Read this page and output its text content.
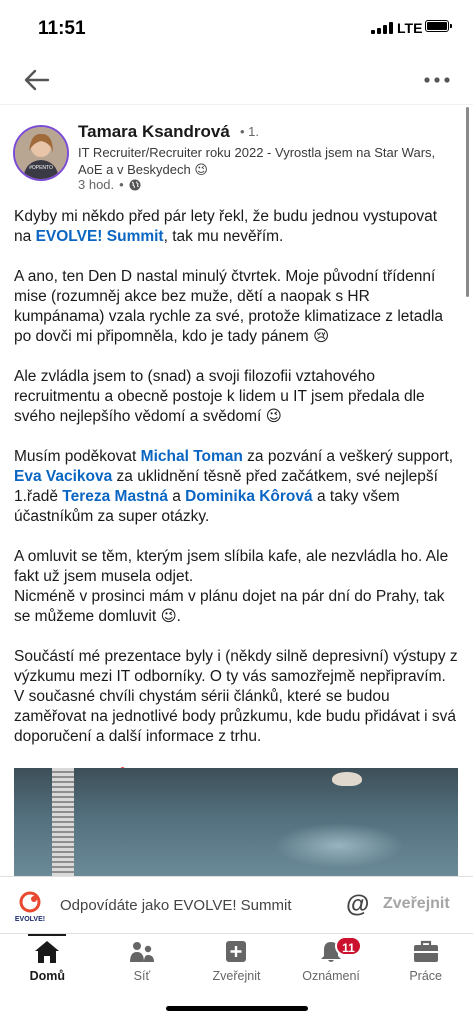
11:51	LTE
#OPENTO
Tamara Ksandrová • 1.
IT Recruiter/Recruiter roku 2022 - Vyrostla jsem na Star Wars, AoE a v Beskydech 😉
3 hod. •

Kdyby mi někdo před pár lety řekl, že budu jednou vystupovat na EVOLVE! Summit, tak mu nevěřím.

A ano, ten Den D nastal minulý čtvrtek. Moje původní třídenní mise (rozumněj akce bez muže, dětí a naopak s HR kumpánama) vzala rychle za své, protože klimatizace z letadla po dovči mi připomněla, kdo je tady pánem 😢

Ale zvládla jsem to (snad) a svoji filozofii vztahového recruitmentu a obecně postoje k lidem u IT jsem předala dle svého nejlepšího vědomí a svědomí 😉

Musím poděkovat Michal Toman za pozvání a veškerý support, Eva Vacikova za uklidnění těsně před začátkem, své nejlepší 1.řadě Tereza Mastná a Dominika Kôrová a taky všem účastníkům za super otázky.

A omluvit se těm, kterým jsem slíbila kafe, ale nezvládla ho. Ale fakt už jsem musela odjet.
Nicméně v prosinci mám v plánu dojet na pár dní do Prahy, tak se můžeme domluvit 😉.

Součástí mé prezentace byly i (někdy silně depresivní) výstupy z výzkumu mezi IT odborníky. O ty vás samozřejmě nepřipravím. V současné chvíli chystám sérii článků, které se budou zaměřovat na jednotlivé body průzkumu, kde budu přidávat i svá doporučení a další informace z trhu.

EVOLVE!
Odpovídáte jako EVOLVE! Summit @ Zveřejnit
Domů	Síť	Zveřejnit
11
Oznámení	Práce
